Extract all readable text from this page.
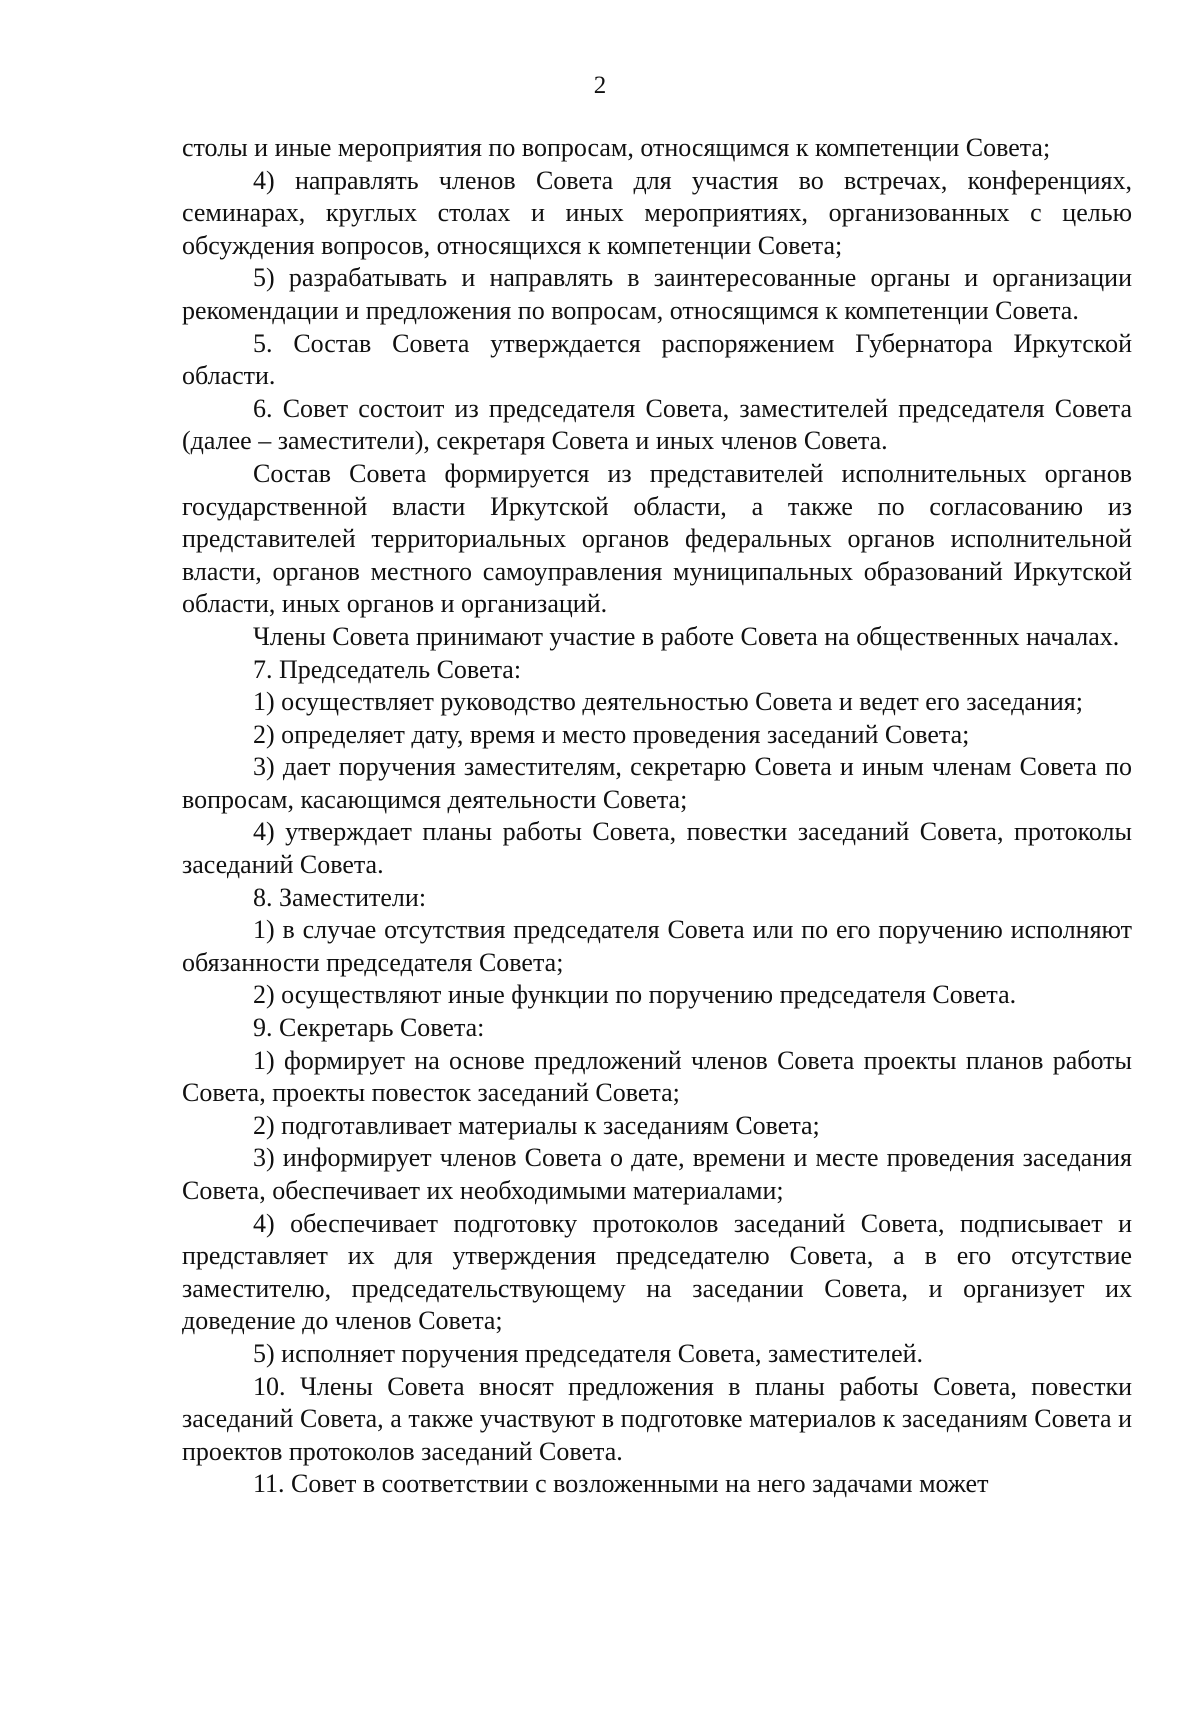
2

столы и иные мероприятия по вопросам, относящимся к компетенции Совета;

4) направлять членов Совета для участия во встречах, конференциях, семинарах, круглых столах и иных мероприятиях, организованных с целью обсуждения вопросов, относящихся к компетенции Совета;

5) разрабатывать и направлять в заинтересованные органы и организации рекомендации и предложения по вопросам, относящимся к компетенции Совета.

5. Состав Совета утверждается распоряжением Губернатора Иркутской области.

6. Совет состоит из председателя Совета, заместителей председателя Совета (далее – заместители), секретаря Совета и иных членов Совета.

Состав Совета формируется из представителей исполнительных органов государственной власти Иркутской области, а также по согласованию из представителей территориальных органов федеральных органов исполнительной власти, органов местного самоуправления муниципальных образований Иркутской области, иных органов и организаций.

Члены Совета принимают участие в работе Совета на общественных началах.

7. Председатель Совета:

1) осуществляет руководство деятельностью Совета и ведет его заседания;

2) определяет дату, время и место проведения заседаний Совета;

3) дает поручения заместителям, секретарю Совета и иным членам Совета по вопросам, касающимся деятельности Совета;

4) утверждает планы работы Совета, повестки заседаний Совета, протоколы заседаний Совета.

8. Заместители:

1) в случае отсутствия председателя Совета или по его поручению исполняют обязанности председателя Совета;

2) осуществляют иные функции по поручению председателя Совета.

9. Секретарь Совета:

1) формирует на основе предложений членов Совета проекты планов работы Совета, проекты повесток заседаний Совета;

2) подготавливает материалы к заседаниям Совета;

3) информирует членов Совета о дате, времени и месте проведения заседания Совета, обеспечивает их необходимыми материалами;

4) обеспечивает подготовку протоколов заседаний Совета, подписывает и представляет их для утверждения председателю Совета, а в его отсутствие заместителю, председательствующему на заседании Совета, и организует их доведение до членов Совета;

5) исполняет поручения председателя Совета, заместителей.

10. Члены Совета вносят предложения в планы работы Совета, повестки заседаний Совета, а также участвуют в подготовке материалов к заседаниям Совета и проектов протоколов заседаний Совета.

11. Совет в соответствии с возложенными на него задачами может
